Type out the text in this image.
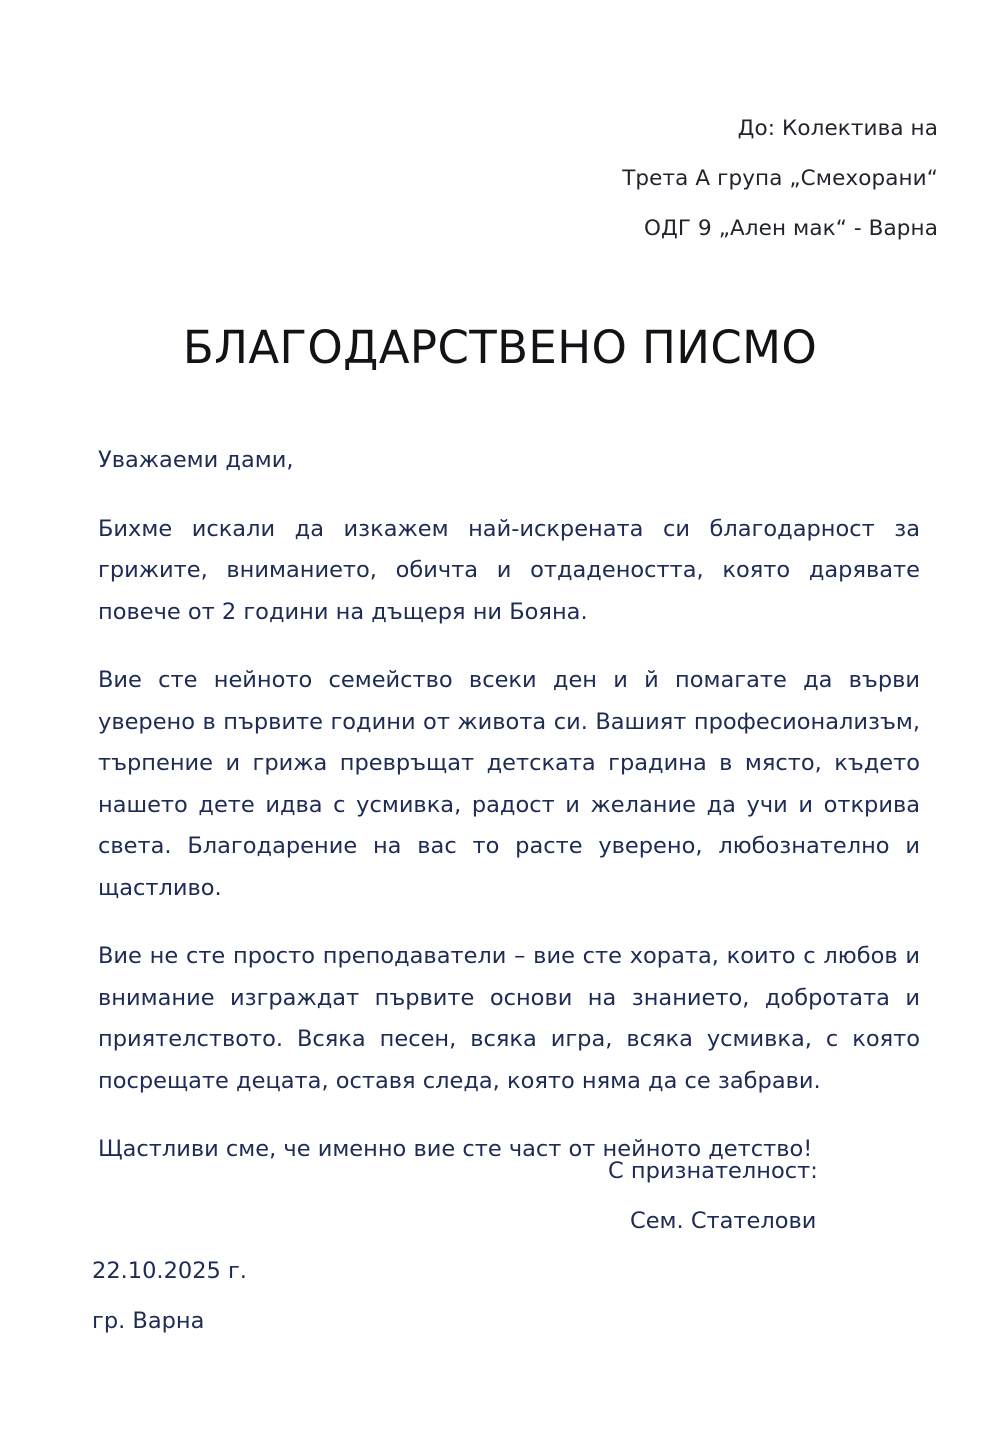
До: Колектива на
Трета А група „Смехорани“
ОДГ 9 „Ален мак“ - Варна
БЛАГОДАРСТВЕНО ПИСМО

Уважаеми дами,

Бихме искали да изкажем най-искрената си благодарност за грижите, вниманието, обичта и отдадеността, която дарявате повече от 2 години на дъщеря ни Бояна.

Вие сте нейното семейство всеки ден и й помагате да върви уверено в първите години от живота си. Вашият професионализъм, търпение и грижа превръщат детската градина в място, където нашето дете идва с усмивка, радост и желание да учи и открива света. Благодарение на вас то расте уверено, любознателно и щастливо.

Вие не сте просто преподаватели – вие сте хората, които с любов и внимание изграждат първите основи на знанието, добротата и приятелството. Всяка песен, всяка игра, всяка усмивка, с която посрещате децата, оставя следа, която няма да се забрави.

Щастливи сме, че именно вие сте част от нейното детство!

С признателност:
Сем. Стателови
22.10.2025 г.
гр. Варна
